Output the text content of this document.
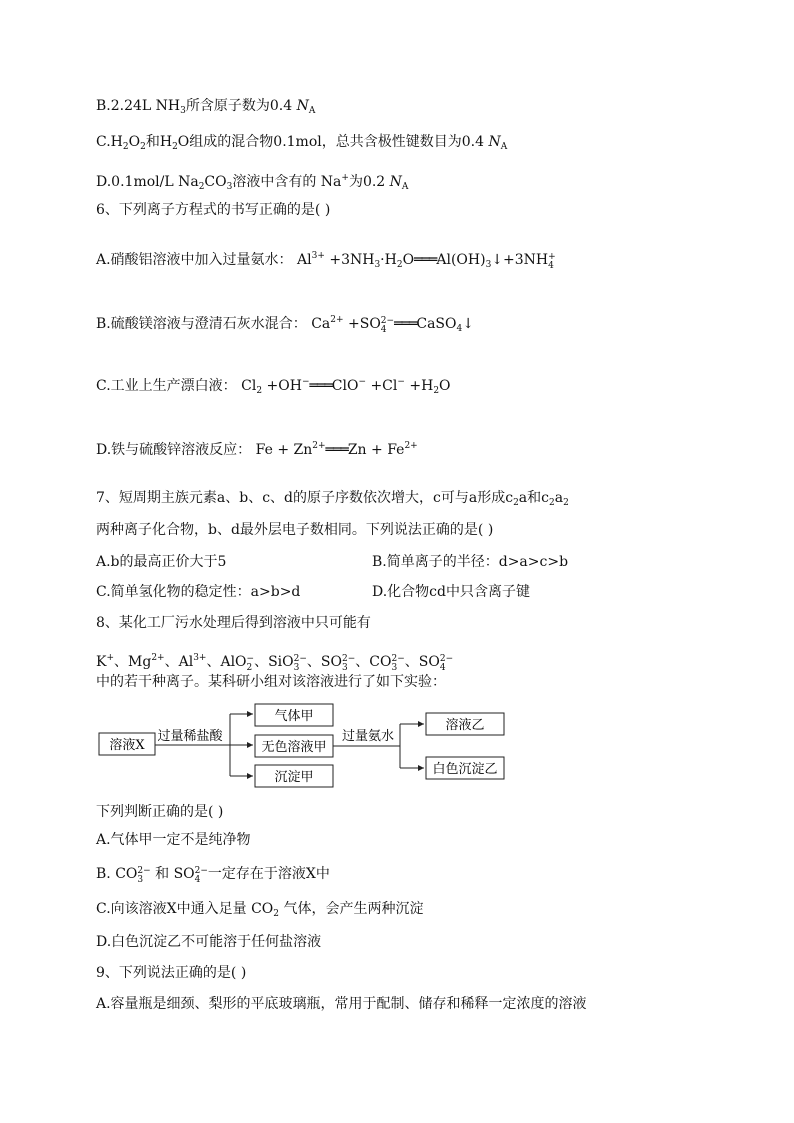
B.2.24L $NH_3$所含原子数为0.4 $N_A$
$C.H_2O_2$和$H_2O$组成的混合物0.1mol，总共含极性键数目为0.4 $N_A$
D.0.1mol/L $Na_2CO_3$溶液中含有的 Na+为0.2 $N_A$
6、下列离子方程式的书写正确的是( )
A.硝酸铝溶液中加入过量氨水： $Al^{3+}$ $+3NH_3\cdot H_2O═══Al(OH)_3↓+3NH$ +
4
B.硫酸镁溶液与澄清石灰水混合： $Ca^{2+} +SO$ 2−
4 ═══CaSO$_4$↓
C.工业上生产漂白液： $Cl_2$ +OH−═══ClO− $+Cl^- +H_2O$
D.铁与硫酸锌溶液反应： $Fe + Zn^{2+}═══Zn + Fe^{2+}$
7、短周期主族元素a、b、c、d的原子序数依次增大，c可与a形成$c_2a$和$c_2a_2$
两种离子化合物，b、d最外层电子数相同。下列说法正确的是( )
A.b的最高正价大于5	B.简单离子的半径：d>a>c>b
C.简单氢化物的稳定性：a>b>d	D.化合物cd中只含离子键
8、某化工厂污水处理后得到溶液中只可能有
K+、$Mg^{2+}$、$Al^{3+}$、AlO −
2 、SiO 2−
3 、SO 2−
3 、CO 2−
3 、SO 2−
4
中的若干种离子。某科研小组对该溶液进行了如下实验：
溶液X
过量稀盐酸
气体甲
无色溶液甲
沉淀甲
过量氨水
溶液乙
白色沉淀乙
下列判断正确的是( )
A.气体甲一定不是纯净物
B. CO 2−
3 和 SO 2−
4 一定存在于溶液X中
C.向该溶液X中通入足量 $CO_2$ 气体，会产生两种沉淀
D.白色沉淀乙不可能溶于任何盐溶液
9、下列说法正确的是( )
A.容量瓶是细颈、梨形的平底玻璃瓶，常用于配制、储存和稀释一定浓度的溶液
